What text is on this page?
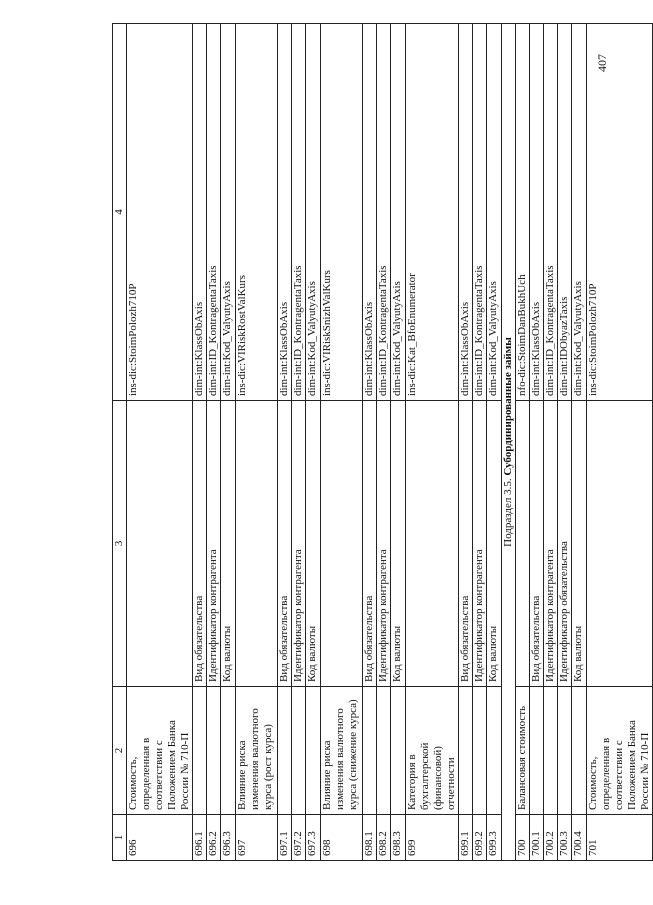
407
1	2	3	4
696	Стоимость, определенная в соответствии с Положением Банка России № 710-П		ins-dic:StoimPolozh710P
696.1		Вид обязательства	dim-int:KlassObAxis
696.2		Идентификатор контрагента	dim-int:ID_KontragentaTaxis
696.3		Код валюты	dim-int:Kod_ValyutyAxis
697	Влияние риска изменения валютного курса (рост курса)		ins-dic:VIRiskRostValKurs
697.1		Вид обязательства	dim-int:KlassObAxis
697.2		Идентификатор контрагента	dim-int:ID_KontragentaTaxis
697.3		Код валюты	dim-int:Kod_ValyutyAxis
698	Влияние риска изменения валютного курса (снижение курса)		ins-dic:VIRiskSnizhValKurs
698.1		Вид обязательства	dim-int:KlassObAxis
698.2		Идентификатор контрагента	dim-int:ID_KontragentaTaxis
698.3		Код валюты	dim-int:Kod_ValyutyAxis
699	Категория в бухгалтерской (финансовой) отчетности		ins-dic:Kat_BfoEnumerator
699.1		Вид обязательства	dim-int:KlassObAxis
699.2		Идентификатор контрагента	dim-int:ID_KontragentaTaxis
699.3		Код валюты	dim-int:Kod_ValyutyAxis
Подраздел 3.5. Субординированные займы			
700	Балансовая стоимость		nfo-dic:StoimDanBukhUch
700.1		Вид обязательства	dim-int:KlassObAxis
700.2		Идентификатор контрагента	dim-int:ID_KontragentaTaxis
700.3		Идентификатор обязательства	dim-int:IDObyazTaxis
700.4		Код валюты	dim-int:Kod_ValyutyAxis
701	Стоимость, определенная в соответствии с Положением Банка России № 710-П		ins-dic:StoimPolozh710P
